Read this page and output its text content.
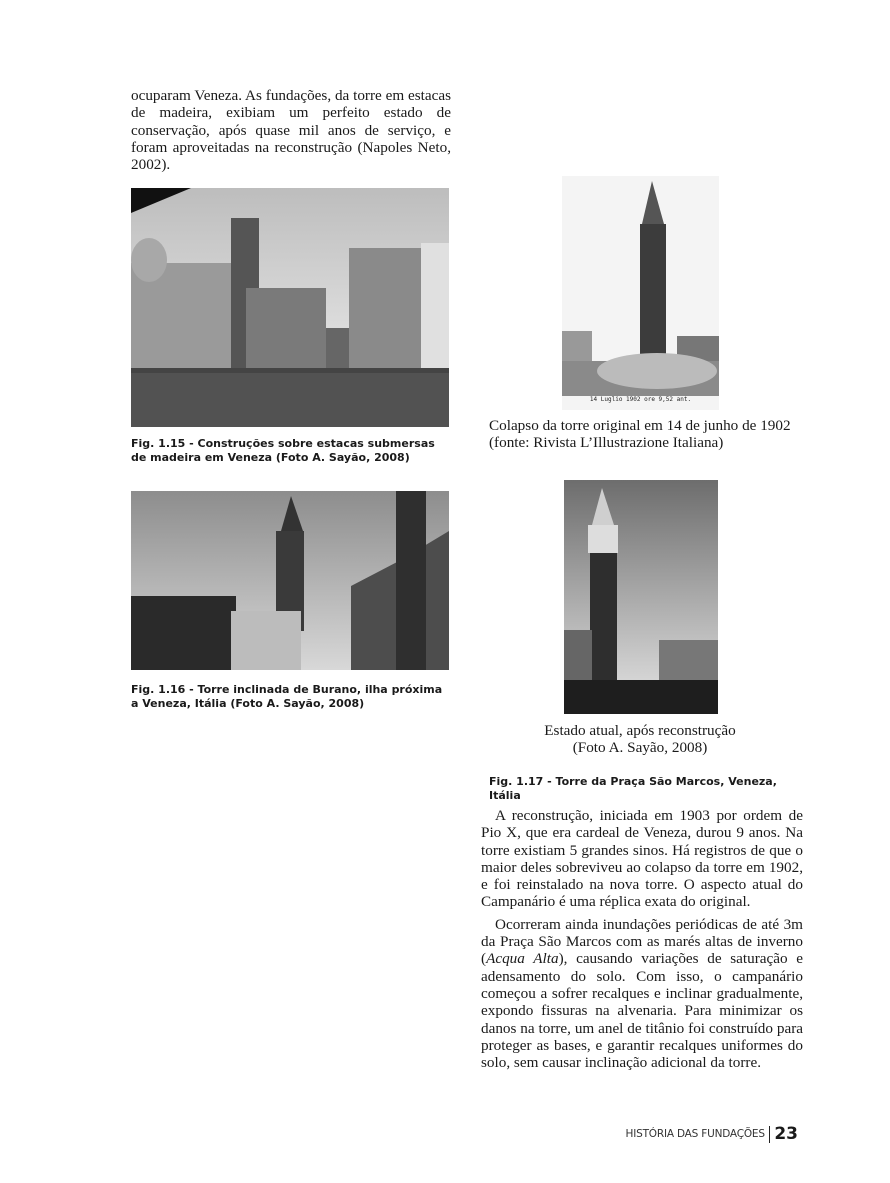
ocuparam Veneza. As fundações, da torre em estacas de madeira, exibiam um perfeito estado de conservação, após quase mil anos de serviço, e foram aproveitadas na reconstrução (Napoles Neto, 2002).

Fig. 1.15 - Construções sobre estacas submersas de madeira em Veneza (Foto A. Sayão, 2008)
Fig. 1.16 - Torre inclinada de Burano, ilha próxima a Veneza, Itália (Foto A. Sayão, 2008)
14 Luglio 1902 ore 9,52 ant.
Colapso da torre original em 14 de junho de 1902
(fonte: Rivista L’Illustrazione Italiana)
Estado atual, após reconstrução
(Foto A. Sayão, 2008)
Fig. 1.17 - Torre da Praça São Marcos, Veneza, Itália

A reconstrução, iniciada em 1903 por ordem de Pio X, que era cardeal de Veneza, durou 9 anos. Na torre existiam 5 grandes sinos. Há registros de que o maior deles sobreviveu ao colapso da torre em 1902, e foi reinstalado na nova torre. O aspecto atual do Campanário é uma réplica exata do original.

Ocorreram ainda inundações periódicas de até 3m da Praça São Marcos com as marés altas de inverno (Acqua Alta), causando variações de saturação e adensamento do solo. Com isso, o campanário começou a sofrer recalques e inclinar gradualmente, expondo fissuras na alvenaria. Para minimizar os danos na torre, um anel de titânio foi construído para proteger as bases, e garantir recalques uniformes do solo, sem causar inclinação adicional da torre.

HISTÓRIA DAS FUNDAÇÕES 23
